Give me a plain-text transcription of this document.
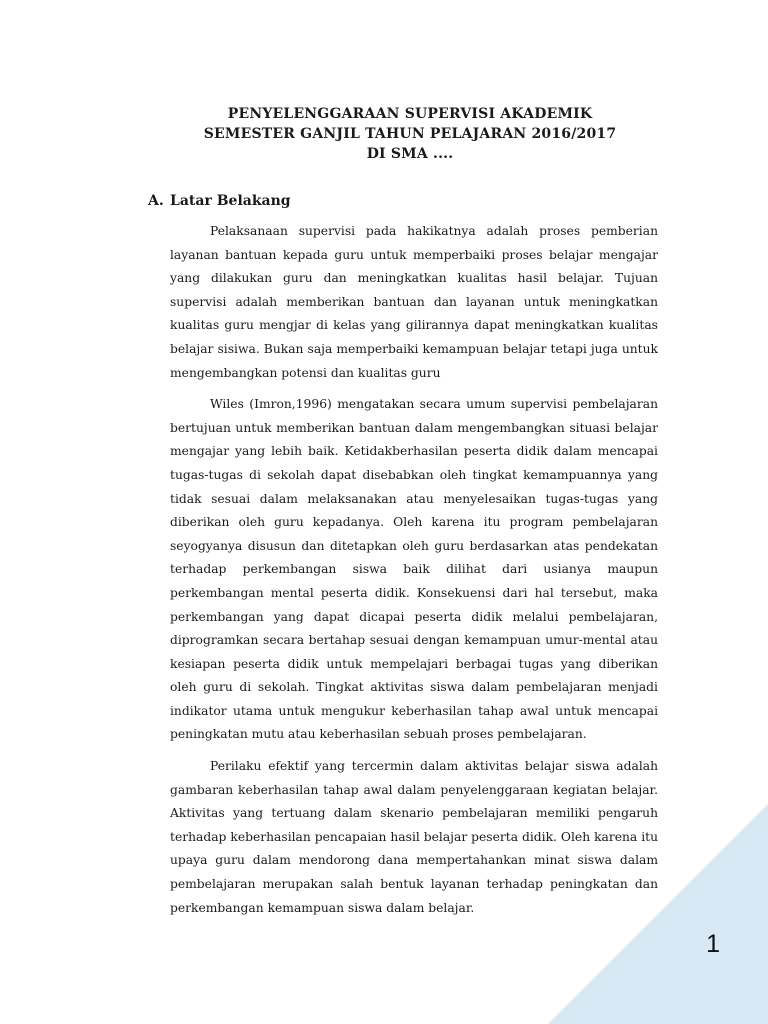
PENYELENGGARAAN SUPERVISI AKADEMIK
SEMESTER GANJIL TAHUN PELAJARAN 2016/2017
DI SMA ....
A. Latar Belakang

Pelaksanaan supervisi pada hakikatnya adalah proses pemberian layanan bantuan kepada guru untuk memperbaiki proses belajar mengajar yang dilakukan guru dan meningkatkan kualitas hasil belajar. Tujuan supervisi adalah memberikan bantuan dan layanan untuk meningkatkan kualitas guru mengjar di kelas yang gilirannya dapat meningkatkan kualitas belajar sisiwa. Bukan saja memperbaiki kemampuan belajar tetapi juga untuk mengembangkan potensi dan kualitas guru

Wiles (Imron,1996) mengatakan secara umum supervisi pembelajaran bertujuan untuk memberikan bantuan dalam mengembangkan situasi belajar mengajar yang lebih baik. Ketidakberhasilan peserta didik dalam mencapai tugas-tugas di sekolah dapat disebabkan oleh tingkat kemampuannya yang tidak sesuai dalam melaksanakan atau menyelesaikan tugas-tugas yang diberikan oleh guru kepadanya. Oleh karena itu program pembelajaran seyogyanya disusun dan ditetapkan oleh guru berdasarkan atas pendekatan terhadap perkembangan siswa baik dilihat dari usianya maupun perkembangan mental peserta didik. Konsekuensi dari hal tersebut, maka perkembangan yang dapat dicapai peserta didik melalui pembelajaran, diprogramkan secara bertahap sesuai dengan kemampuan umur-mental atau kesiapan peserta didik untuk mempelajari berbagai tugas yang diberikan oleh guru di sekolah. Tingkat aktivitas siswa dalam pembelajaran menjadi indikator utama untuk mengukur keberhasilan tahap awal untuk mencapai peningkatan mutu atau keberhasilan sebuah proses pembelajaran.

Perilaku efektif yang tercermin dalam aktivitas belajar siswa adalah gambaran keberhasilan tahap awal dalam penyelenggaraan kegiatan belajar. Aktivitas yang tertuang dalam skenario pembelajaran memiliki pengaruh terhadap keberhasilan pencapaian hasil belajar peserta didik. Oleh karena itu upaya guru dalam mendorong dana mempertahankan minat siswa dalam pembelajaran merupakan salah bentuk layanan terhadap peningkatan dan perkembangan kemampuan siswa dalam belajar.

1
